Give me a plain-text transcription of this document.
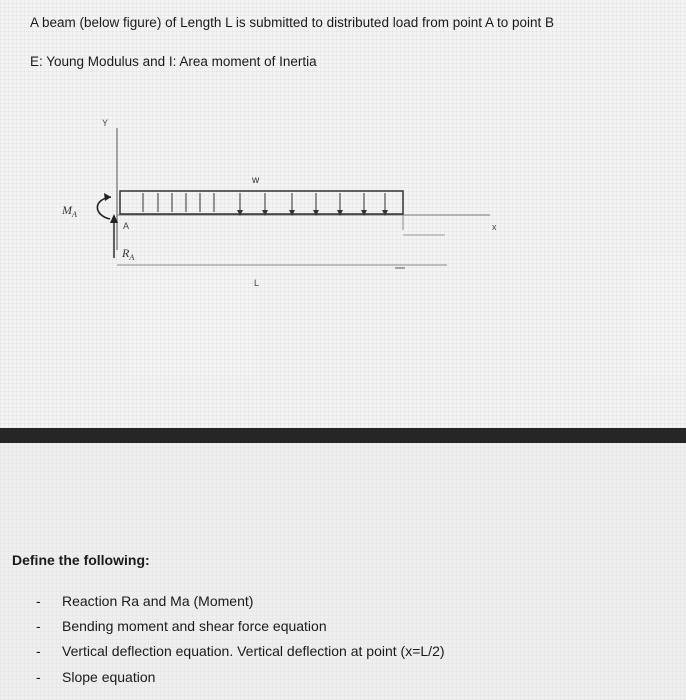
A beam (below figure) of Length L is submitted to distributed load from point A to point B
E: Young Modulus and I: Area moment of Inertia
Y
x
w
$M_A$
$R_A$
A
L
Define the following:
- Reaction Ra and Ma (Moment)
- Bending moment and shear force equation
- Vertical deflection equation. Vertical deflection at point (x=L/2)
- Slope equation
